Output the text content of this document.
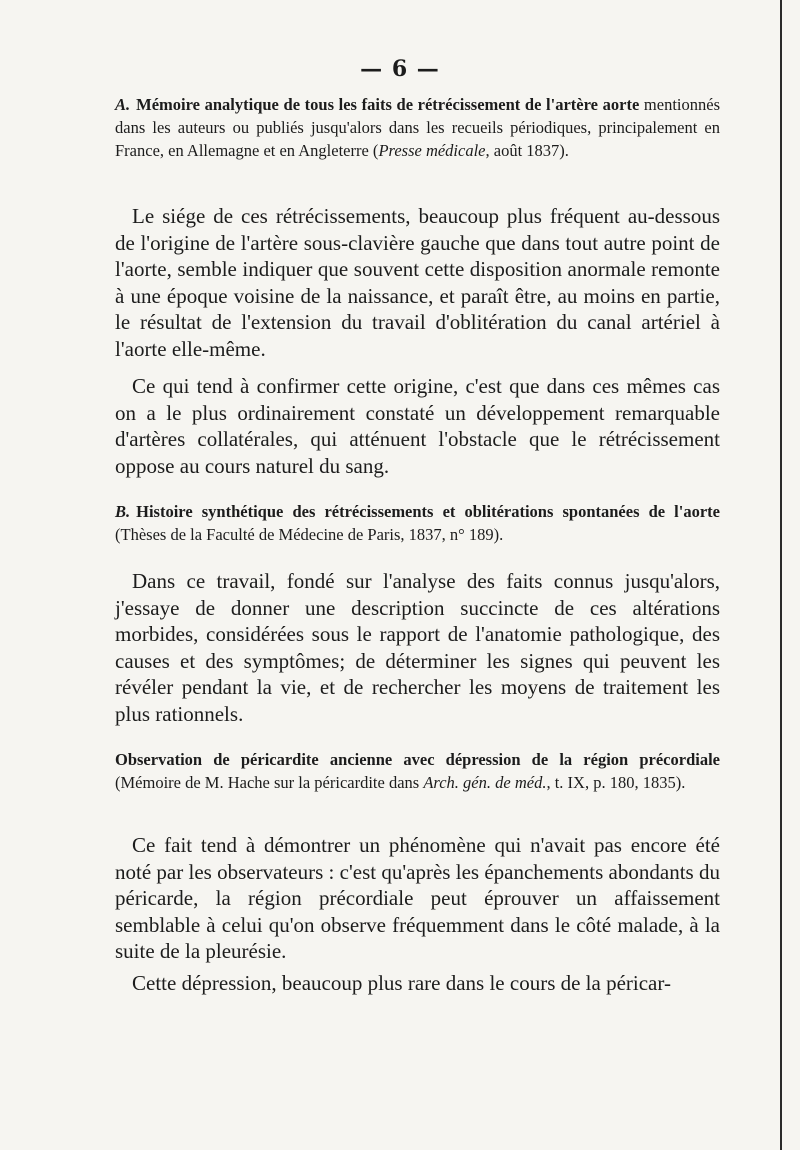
— 6 —

A. Mémoire analytique de tous les faits de rétrécissement de l'artère aorte mentionnés dans les auteurs ou publiés jusqu'alors dans les recueils périodiques, principalement en France, en Allemagne et en Angleterre (Presse médicale, août 1837).

Le siége de ces rétrécissements, beaucoup plus fréquent au-dessous de l'origine de l'artère sous-clavière gauche que dans tout autre point de l'aorte, semble indiquer que souvent cette disposition anormale remonte à une époque voisine de la naissance, et paraît être, au moins en partie, le résultat de l'extension du travail d'oblitération du canal artériel à l'aorte elle-même.

Ce qui tend à confirmer cette origine, c'est que dans ces mêmes cas on a le plus ordinairement constaté un développement remarquable d'artères collatérales, qui atténuent l'obstacle que le rétrécissement oppose au cours naturel du sang.

B. Histoire synthétique des rétrécissements et oblitérations spontanées de l'aorte (Thèses de la Faculté de Médecine de Paris, 1837, n° 189).

Dans ce travail, fondé sur l'analyse des faits connus jusqu'alors, j'essaye de donner une description succincte de ces altérations morbides, considérées sous le rapport de l'anatomie pathologique, des causes et des symptômes; de déterminer les signes qui peuvent les révéler pendant la vie, et de rechercher les moyens de traitement les plus rationnels.

Observation de péricardite ancienne avec dépression de la région précordiale (Mémoire de M. Hache sur la péricardite dans Arch. gén. de méd., t. IX, p. 180, 1835).

Ce fait tend à démontrer un phénomène qui n'avait pas encore été noté par les observateurs : c'est qu'après les épanchements abondants du péricarde, la région précordiale peut éprouver un affaissement semblable à celui qu'on observe fréquemment dans le côté malade, à la suite de la pleurésie.

Cette dépression, beaucoup plus rare dans le cours de la péricar-
